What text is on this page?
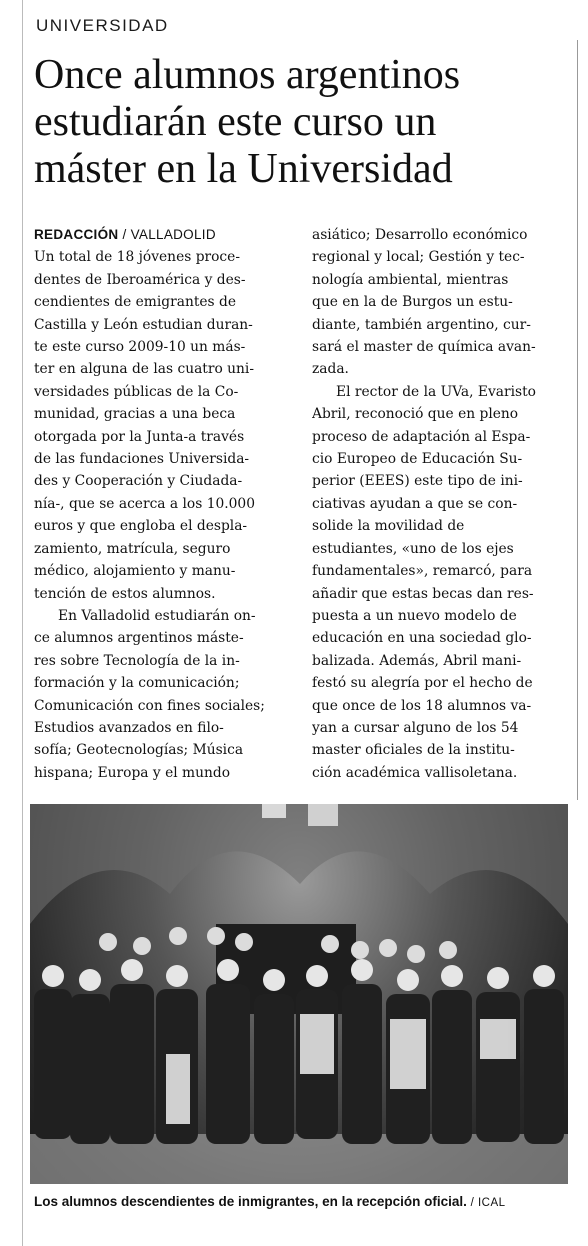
UNIVERSIDAD
Once alumnos argentinos
estudiarán este curso un
máster en la Universidad
REDACCIÓN / VALLADOLID
Un total de 18 jóvenes proce-
dentes de Iberoamérica y des-
cendientes de emigrantes de
Castilla y León estudian duran-
te este curso 2009-10 un más-
ter en alguna de las cuatro uni-
versidades públicas de la Co-
munidad, gracias a una beca
otorgada por la Junta-a través
de las fundaciones Universida-
des y Cooperación y Ciudada-
nía-, que se acerca a los 10.000
euros y que engloba el despla-
zamiento, matrícula, seguro
médico, alojamiento y manu-
tención de estos alumnos.
En Valladolid estudiarán on-
ce alumnos argentinos máste-
res sobre Tecnología de la in-
formación y la comunicación;
Comunicación con fines sociales;
Estudios avanzados en filo-
sofía; Geotecnologías; Música
hispana; Europa y el mundo
asiático; Desarrollo económico
regional y local; Gestión y tec-
nología ambiental, mientras
que en la de Burgos un estu-
diante, también argentino, cur-
sará el master de química avan-
zada.
El rector de la UVa, Evaristo
Abril, reconoció que en pleno
proceso de adaptación al Espa-
cio Europeo de Educación Su-
perior (EEES) este tipo de ini-
ciativas ayudan a que se con-
solide la movilidad de
estudiantes, «uno de los ejes
fundamentales», remarcó, para
añadir que estas becas dan res-
puesta a un nuevo modelo de
educación en una sociedad glo-
balizada. Además, Abril mani-
festó su alegría por el hecho de
que once de los 18 alumnos va-
yan a cursar alguno de los 54
master oficiales de la institu-
ción académica vallisoletana.
Los alumnos descendientes de inmigrantes, en la recepción oficial. / ICAL
